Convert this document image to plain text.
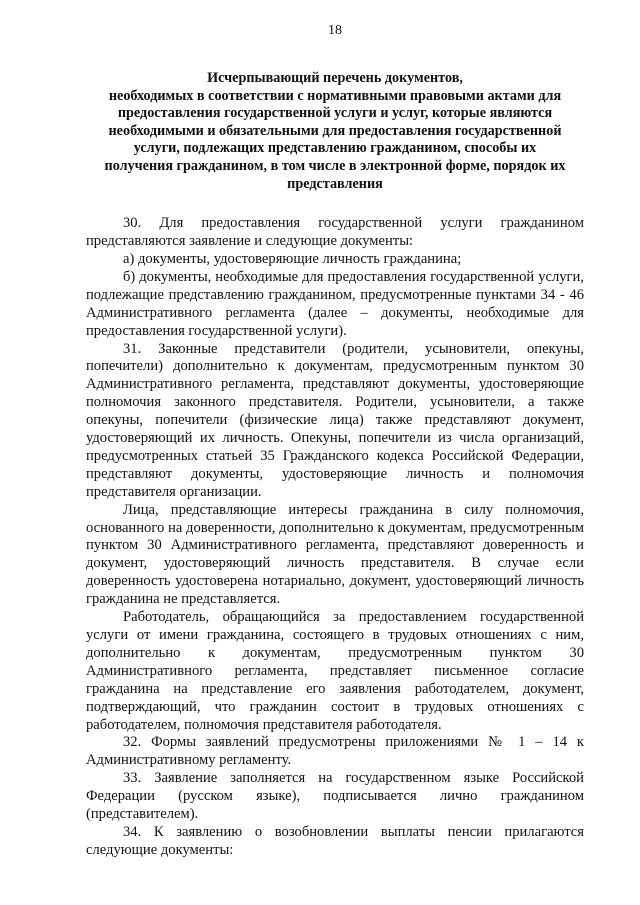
18
Исчерпывающий перечень документов,
необходимых в соответствии с нормативными правовыми актами для
предоставления государственной услуги и услуг, которые являются
необходимыми и обязательными для предоставления государственной
услуги, подлежащих представлению гражданином, способы их
получения гражданином, в том числе в электронной форме, порядок их
представления

30. Для предоставления государственной услуги гражданином представляются заявление и следующие документы:

а) документы, удостоверяющие личность гражданина;

б) документы, необходимые для предоставления государственной услуги, подлежащие представлению гражданином, предусмотренные пунктами 34 - 46 Административного регламента (далее – документы, необходимые для предоставления государственной услуги).

31. Законные представители (родители, усыновители, опекуны, попечители) дополнительно к документам, предусмотренным пунктом 30 Административного регламента, представляют документы, удостоверяющие полномочия законного представителя. Родители, усыновители, а также опекуны, попечители (физические лица) также представляют документ, удостоверяющий их личность. Опекуны, попечители из числа организаций, предусмотренных статьей 35 Гражданского кодекса Российской Федерации, представляют документы, удостоверяющие личность и полномочия представителя организации.

Лица, представляющие интересы гражданина в силу полномочия, основанного на доверенности, дополнительно к документам, предусмотренным пунктом 30 Административного регламента, представляют доверенность и документ, удостоверяющий личность представителя. В случае если доверенность удостоверена нотариально, документ, удостоверяющий личность гражданина не представляется.

Работодатель, обращающийся за предоставлением государственной услуги от имени гражданина, состоящего в трудовых отношениях с ним, дополнительно к документам, предусмотренным пунктом 30 Административного регламента, представляет письменное согласие гражданина на представление его заявления работодателем, документ, подтверждающий, что гражданин состоит в трудовых отношениях с работодателем, полномочия представителя работодателя.

32. Формы заявлений предусмотрены приложениями № 1 – 14 к Административному регламенту.

33. Заявление заполняется на государственном языке Российской Федерации (русском языке), подписывается лично гражданином (представителем).

34. К заявлению о возобновлении выплаты пенсии прилагаются следующие документы:
